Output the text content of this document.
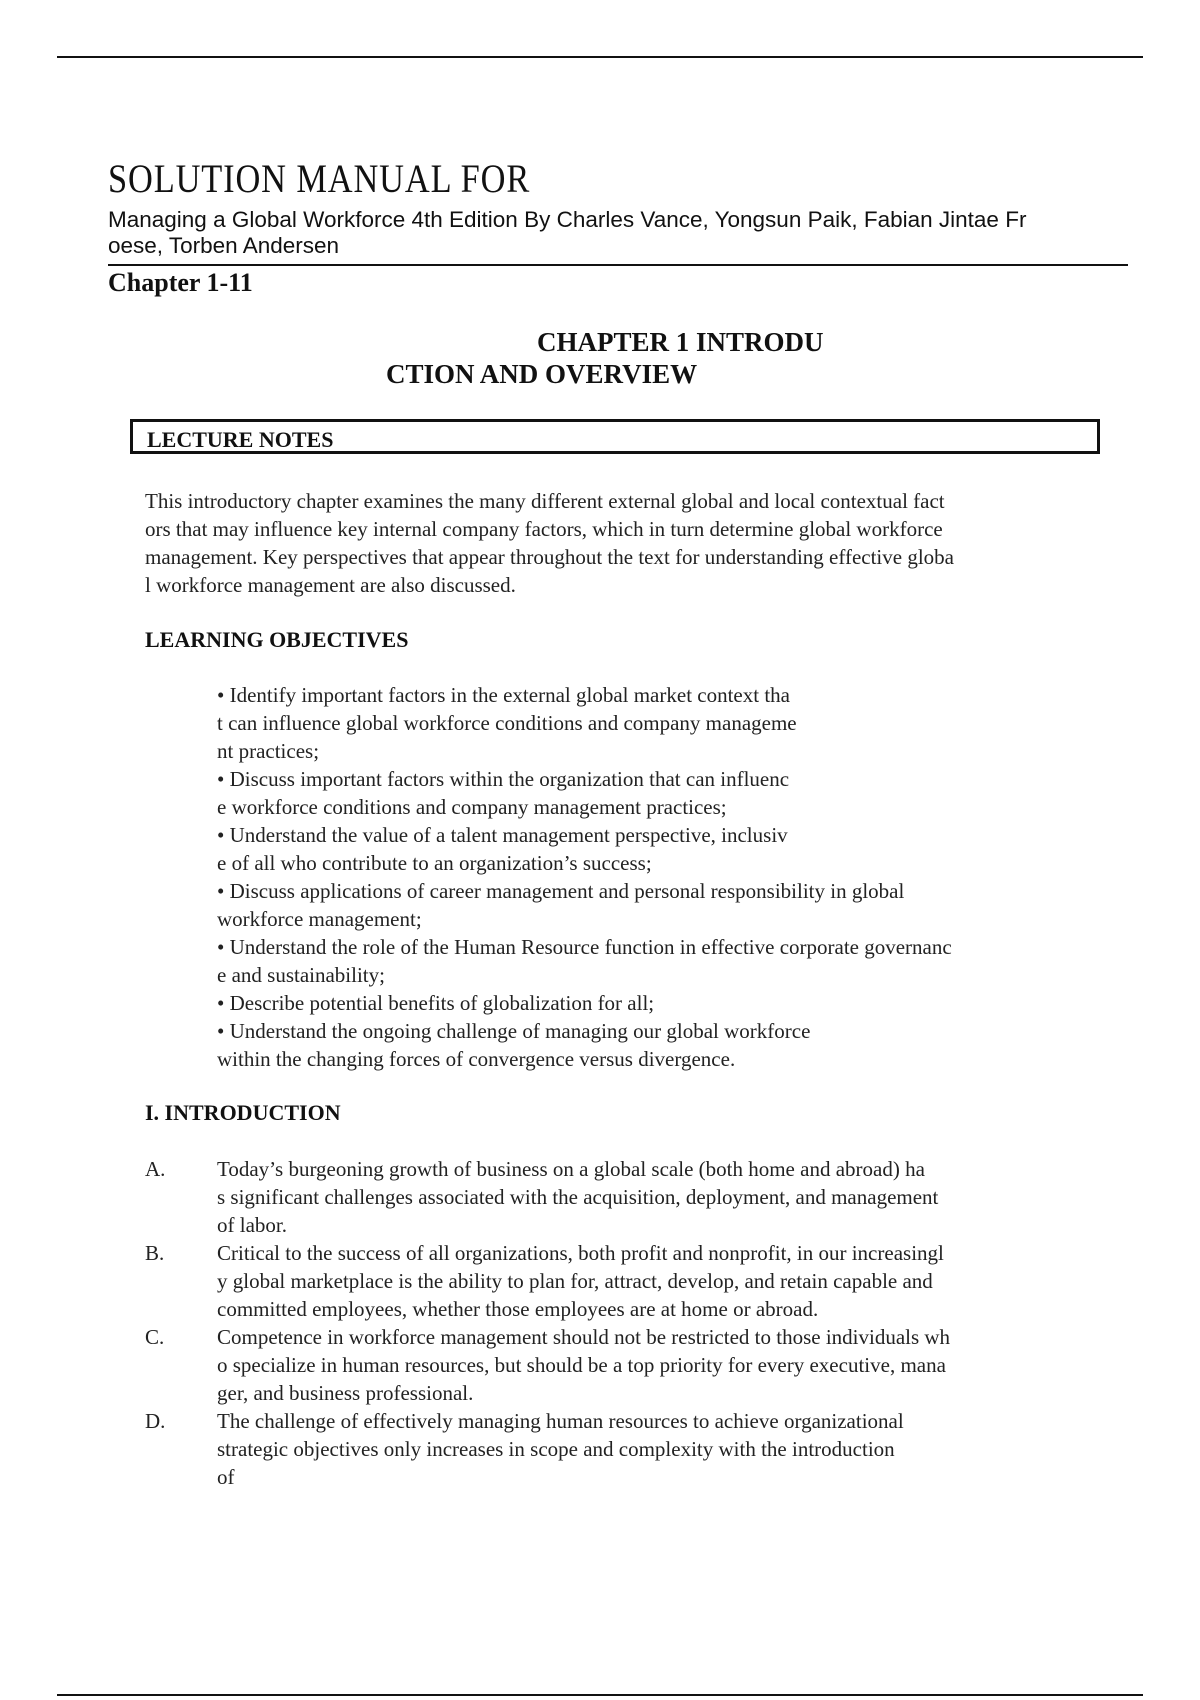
SOLUTION MANUAL FOR
Managing a Global Workforce 4th Edition By Charles Vance, Yongsun Paik, Fabian Jintae Fr
oese, Torben Andersen
Chapter 1-11
CHAPTER 1 INTRODU
CTION AND OVERVIEW
LECTURE NOTES
This introductory chapter examines the many different external global and local contextual fact
ors that may influence key internal company factors, which in turn determine global workforce
management. Key perspectives that appear throughout the text for understanding effective globa
l workforce management are also discussed.
LEARNING OBJECTIVES
• Identify important factors in the external global market context tha
t can influence global workforce conditions and company manageme
nt practices;
• Discuss important factors within the organization that can influenc
e workforce conditions and company management practices;
• Understand the value of a talent management perspective, inclusiv
e of all who contribute to an organization’s success;
• Discuss applications of career management and personal responsibility in global
workforce management;
• Understand the role of the Human Resource function in effective corporate governanc
e and sustainability;
• Describe potential benefits of globalization for all;
• Understand the ongoing challenge of managing our global workforce
within the changing forces of convergence versus divergence.
I. INTRODUCTION
A. Today’s burgeoning growth of business on a global scale (both home and abroad) ha
s significant challenges associated with the acquisition, deployment, and management
of labor.
B.	Critical to the success of all organizations, both profit and nonprofit, in our increasingl
y global marketplace is the ability to plan for, attract, develop, and retain capable and
committed employees, whether those employees are at home or abroad.
C.	Competence in workforce management should not be restricted to those individuals wh
o specialize in human resources, but should be a top priority for every executive, mana
ger, and business professional.
D. The challenge of effectively managing human resources to achieve organizational
strategic objectives only increases in scope and complexity with the introduction
of
